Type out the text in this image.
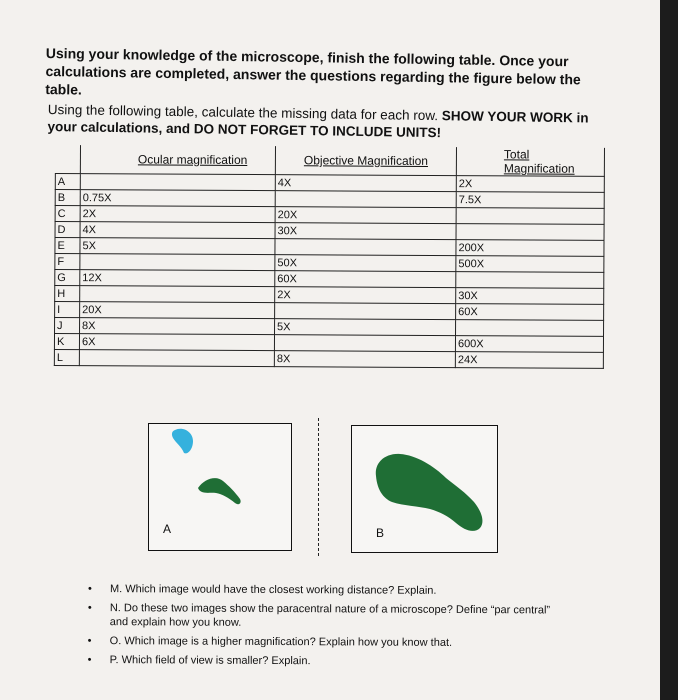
Using your knowledge of the microscope, finish the following table. Once your calculations are completed, answer the questions regarding the figure below the table.
Using the following table, calculate the missing data for each row. SHOW YOUR WORK in your calculations, and DO NOT FORGET TO INCLUDE UNITS!
	Ocular magnification	Objective Magnification	Total Magnification
A		4X	2X
B	0.75X		7.5X
C	2X	20X	
D	4X	30X	
E	5X		200X
F		50X	500X
G	12X	60X	
H		2X	30X
I	20X		60X
J	8X	5X	
K	6X		600X
L		8X	24X
A	B
• M. Which image would have the closest working distance? Explain.
• N. Do these two images show the paracentral nature of a microscope? Define “par central” and explain how you know.
• O. Which image is a higher magnification? Explain how you know that.
• P. Which field of view is smaller? Explain.
